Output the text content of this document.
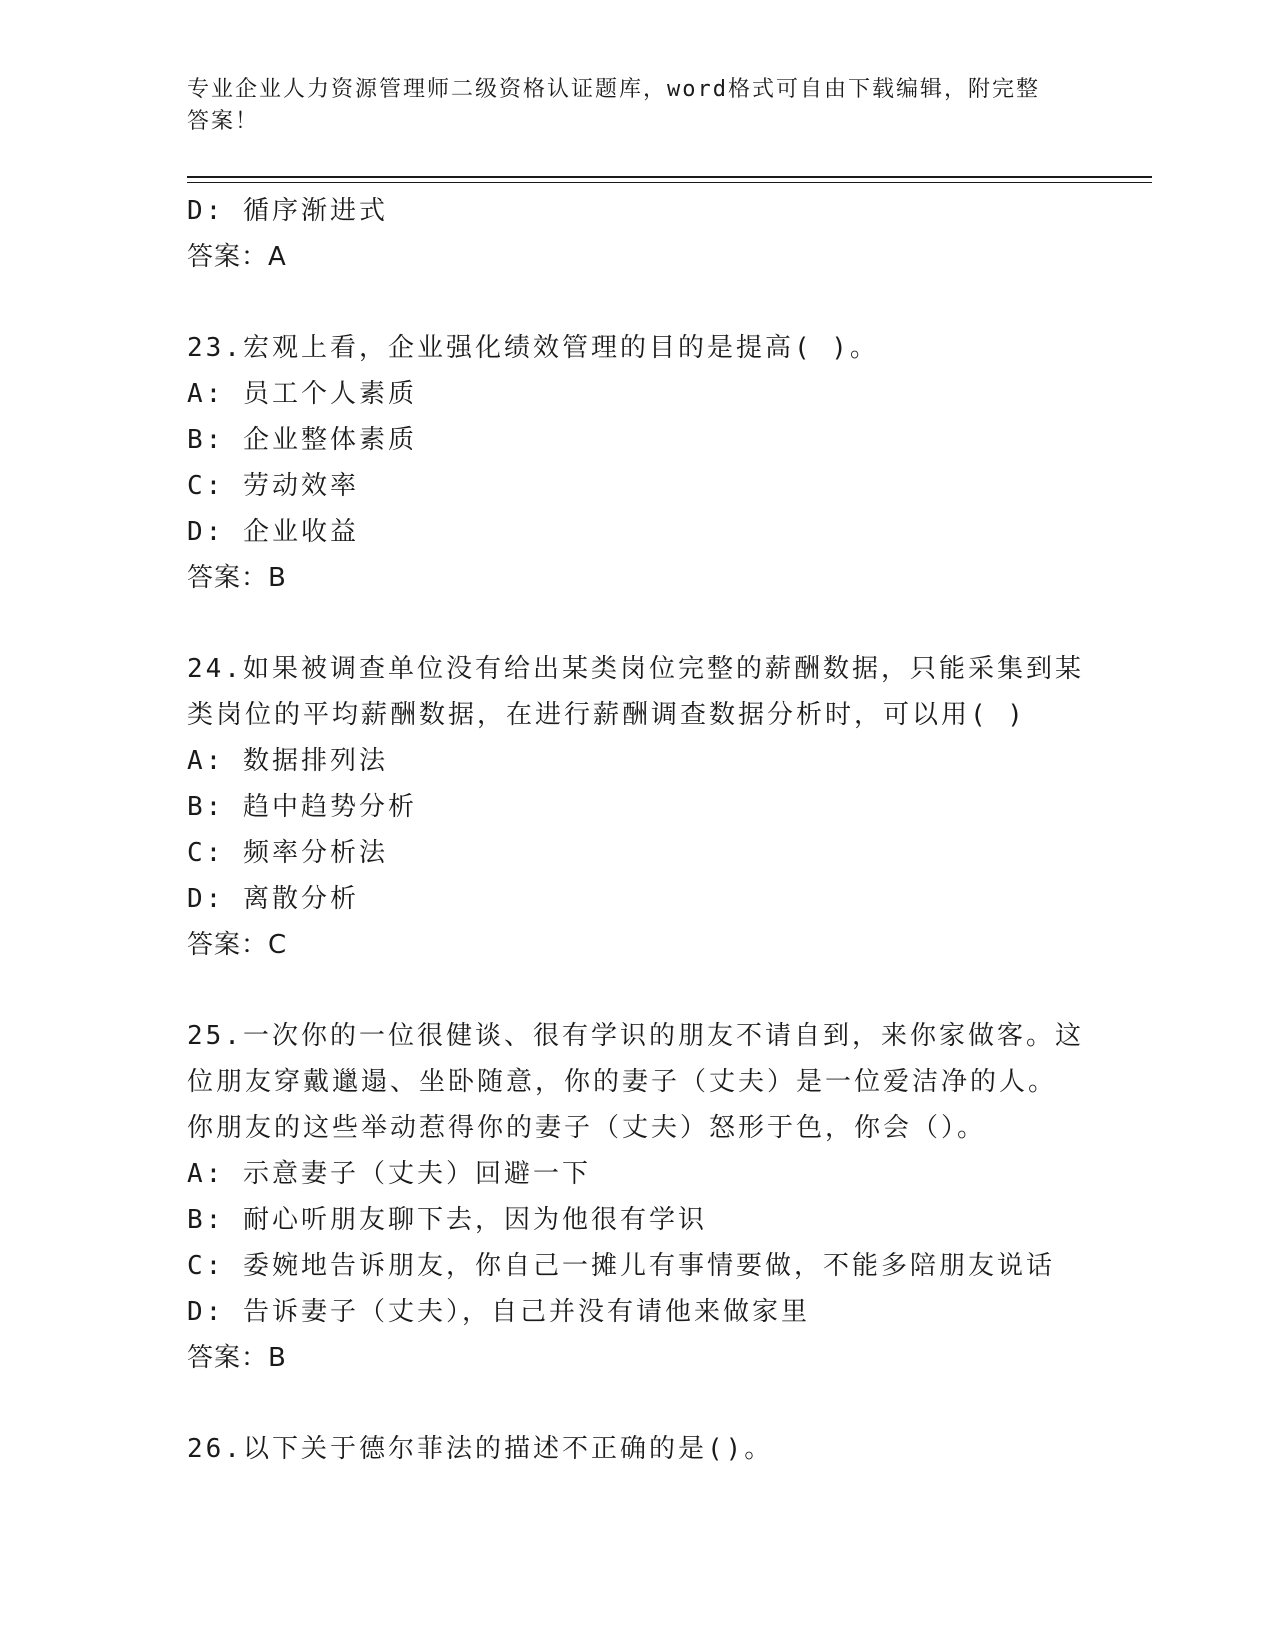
专业企业人力资源管理师二级资格认证题库，word格式可自由下载编辑，附完整
答案！
D: 循序渐进式
答案：A
23.宏观上看，企业强化绩效管理的目的是提高( )。
A: 员工个人素质
B: 企业整体素质
C: 劳动效率
D: 企业收益
答案：B
24.如果被调查单位没有给出某类岗位完整的薪酬数据，只能采集到某
类岗位的平均薪酬数据，在进行薪酬调查数据分析时，可以用( )
A: 数据排列法
B: 趋中趋势分析
C: 频率分析法
D: 离散分析
答案：C
25.一次你的一位很健谈、很有学识的朋友不请自到，来你家做客。这
位朋友穿戴邋遢、坐卧随意，你的妻子（丈夫）是一位爱洁净的人。
你朋友的这些举动惹得你的妻子（丈夫）怒形于色，你会（）。
A: 示意妻子（丈夫）回避一下
B: 耐心听朋友聊下去，因为他很有学识
C: 委婉地告诉朋友，你自己一摊儿有事情要做，不能多陪朋友说话
D: 告诉妻子（丈夫），自己并没有请他来做家里
答案：B
26.以下关于德尔菲法的描述不正确的是()。
